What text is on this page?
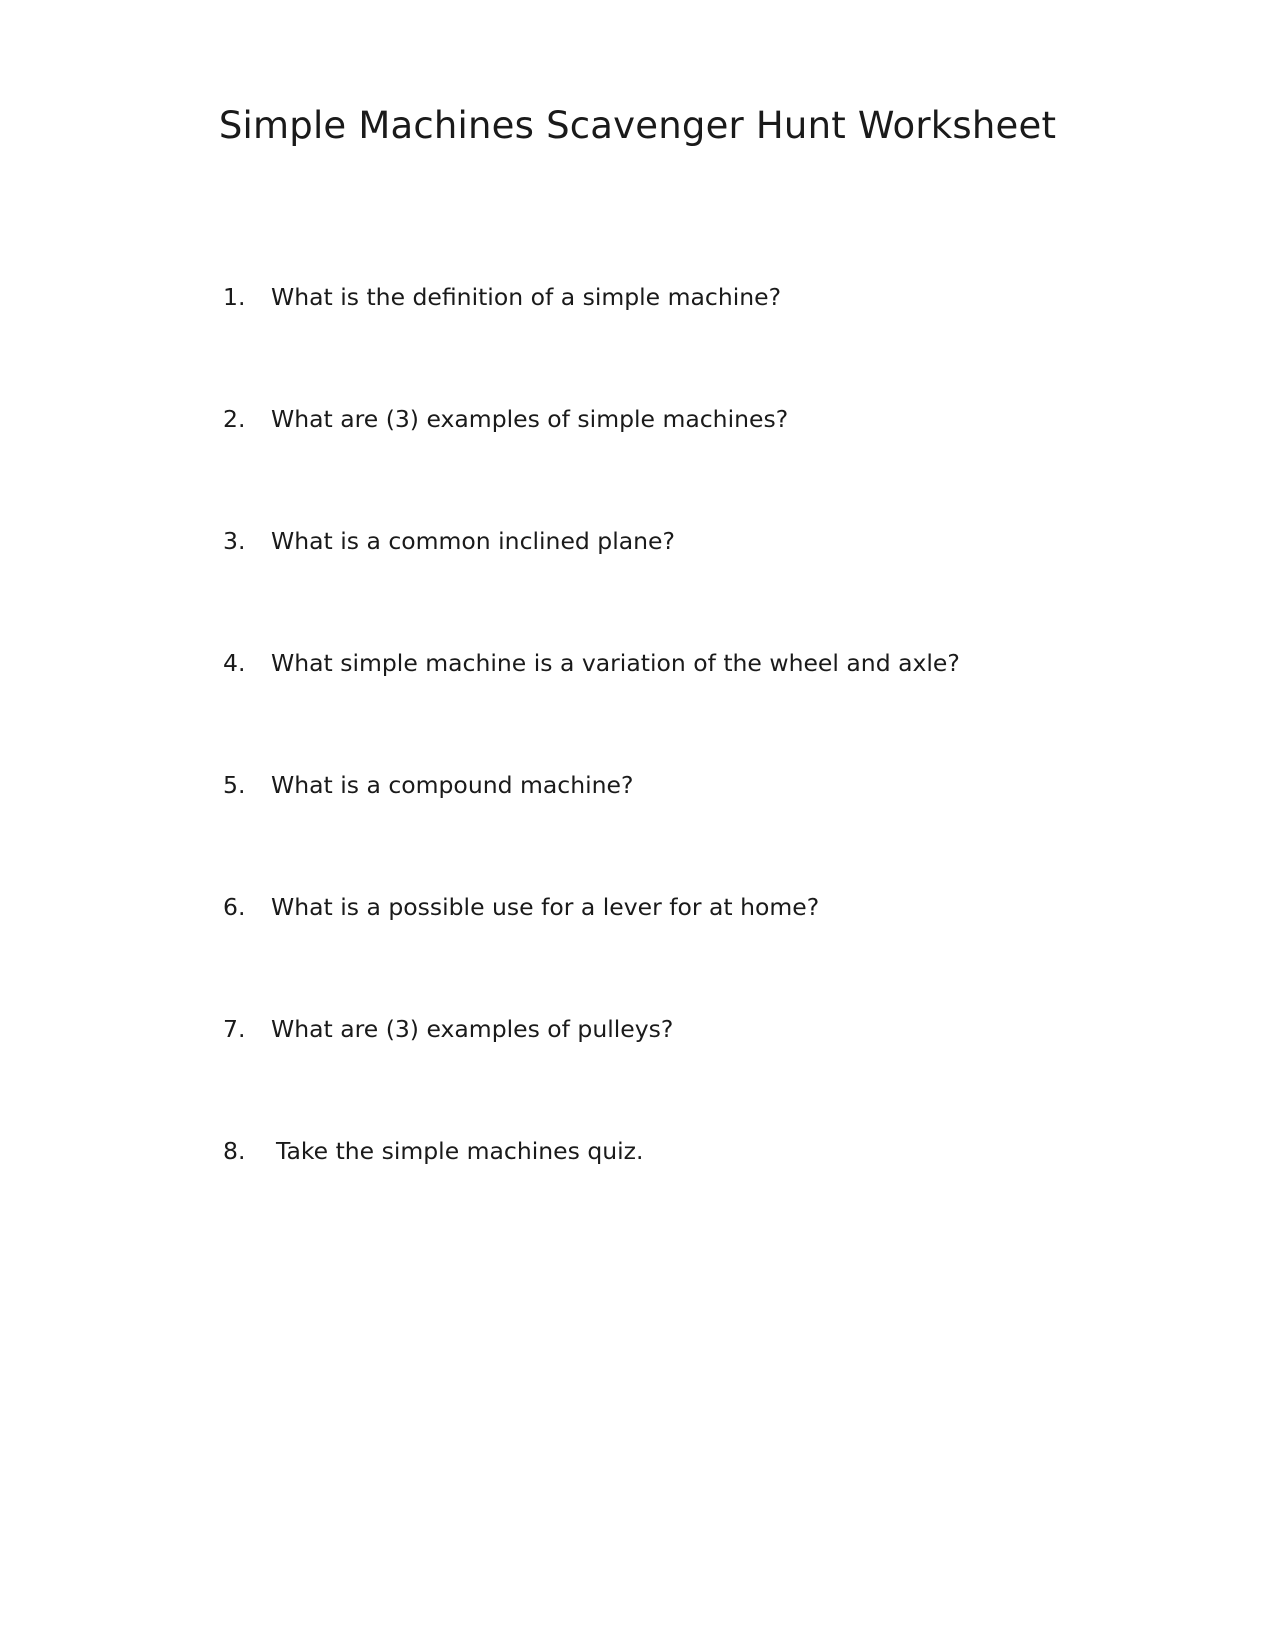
Simple Machines Scavenger Hunt Worksheet
1.	What is the definition of a simple machine?
2.	What are (3) examples of simple machines?
3.	What is a common inclined plane?
4.	What simple machine is a variation of the wheel and axle?
5.	What is a compound machine?
6.	What is a possible use for a lever for at home?
7.	What are (3) examples of pulleys?
8.	Take the simple machines quiz.
